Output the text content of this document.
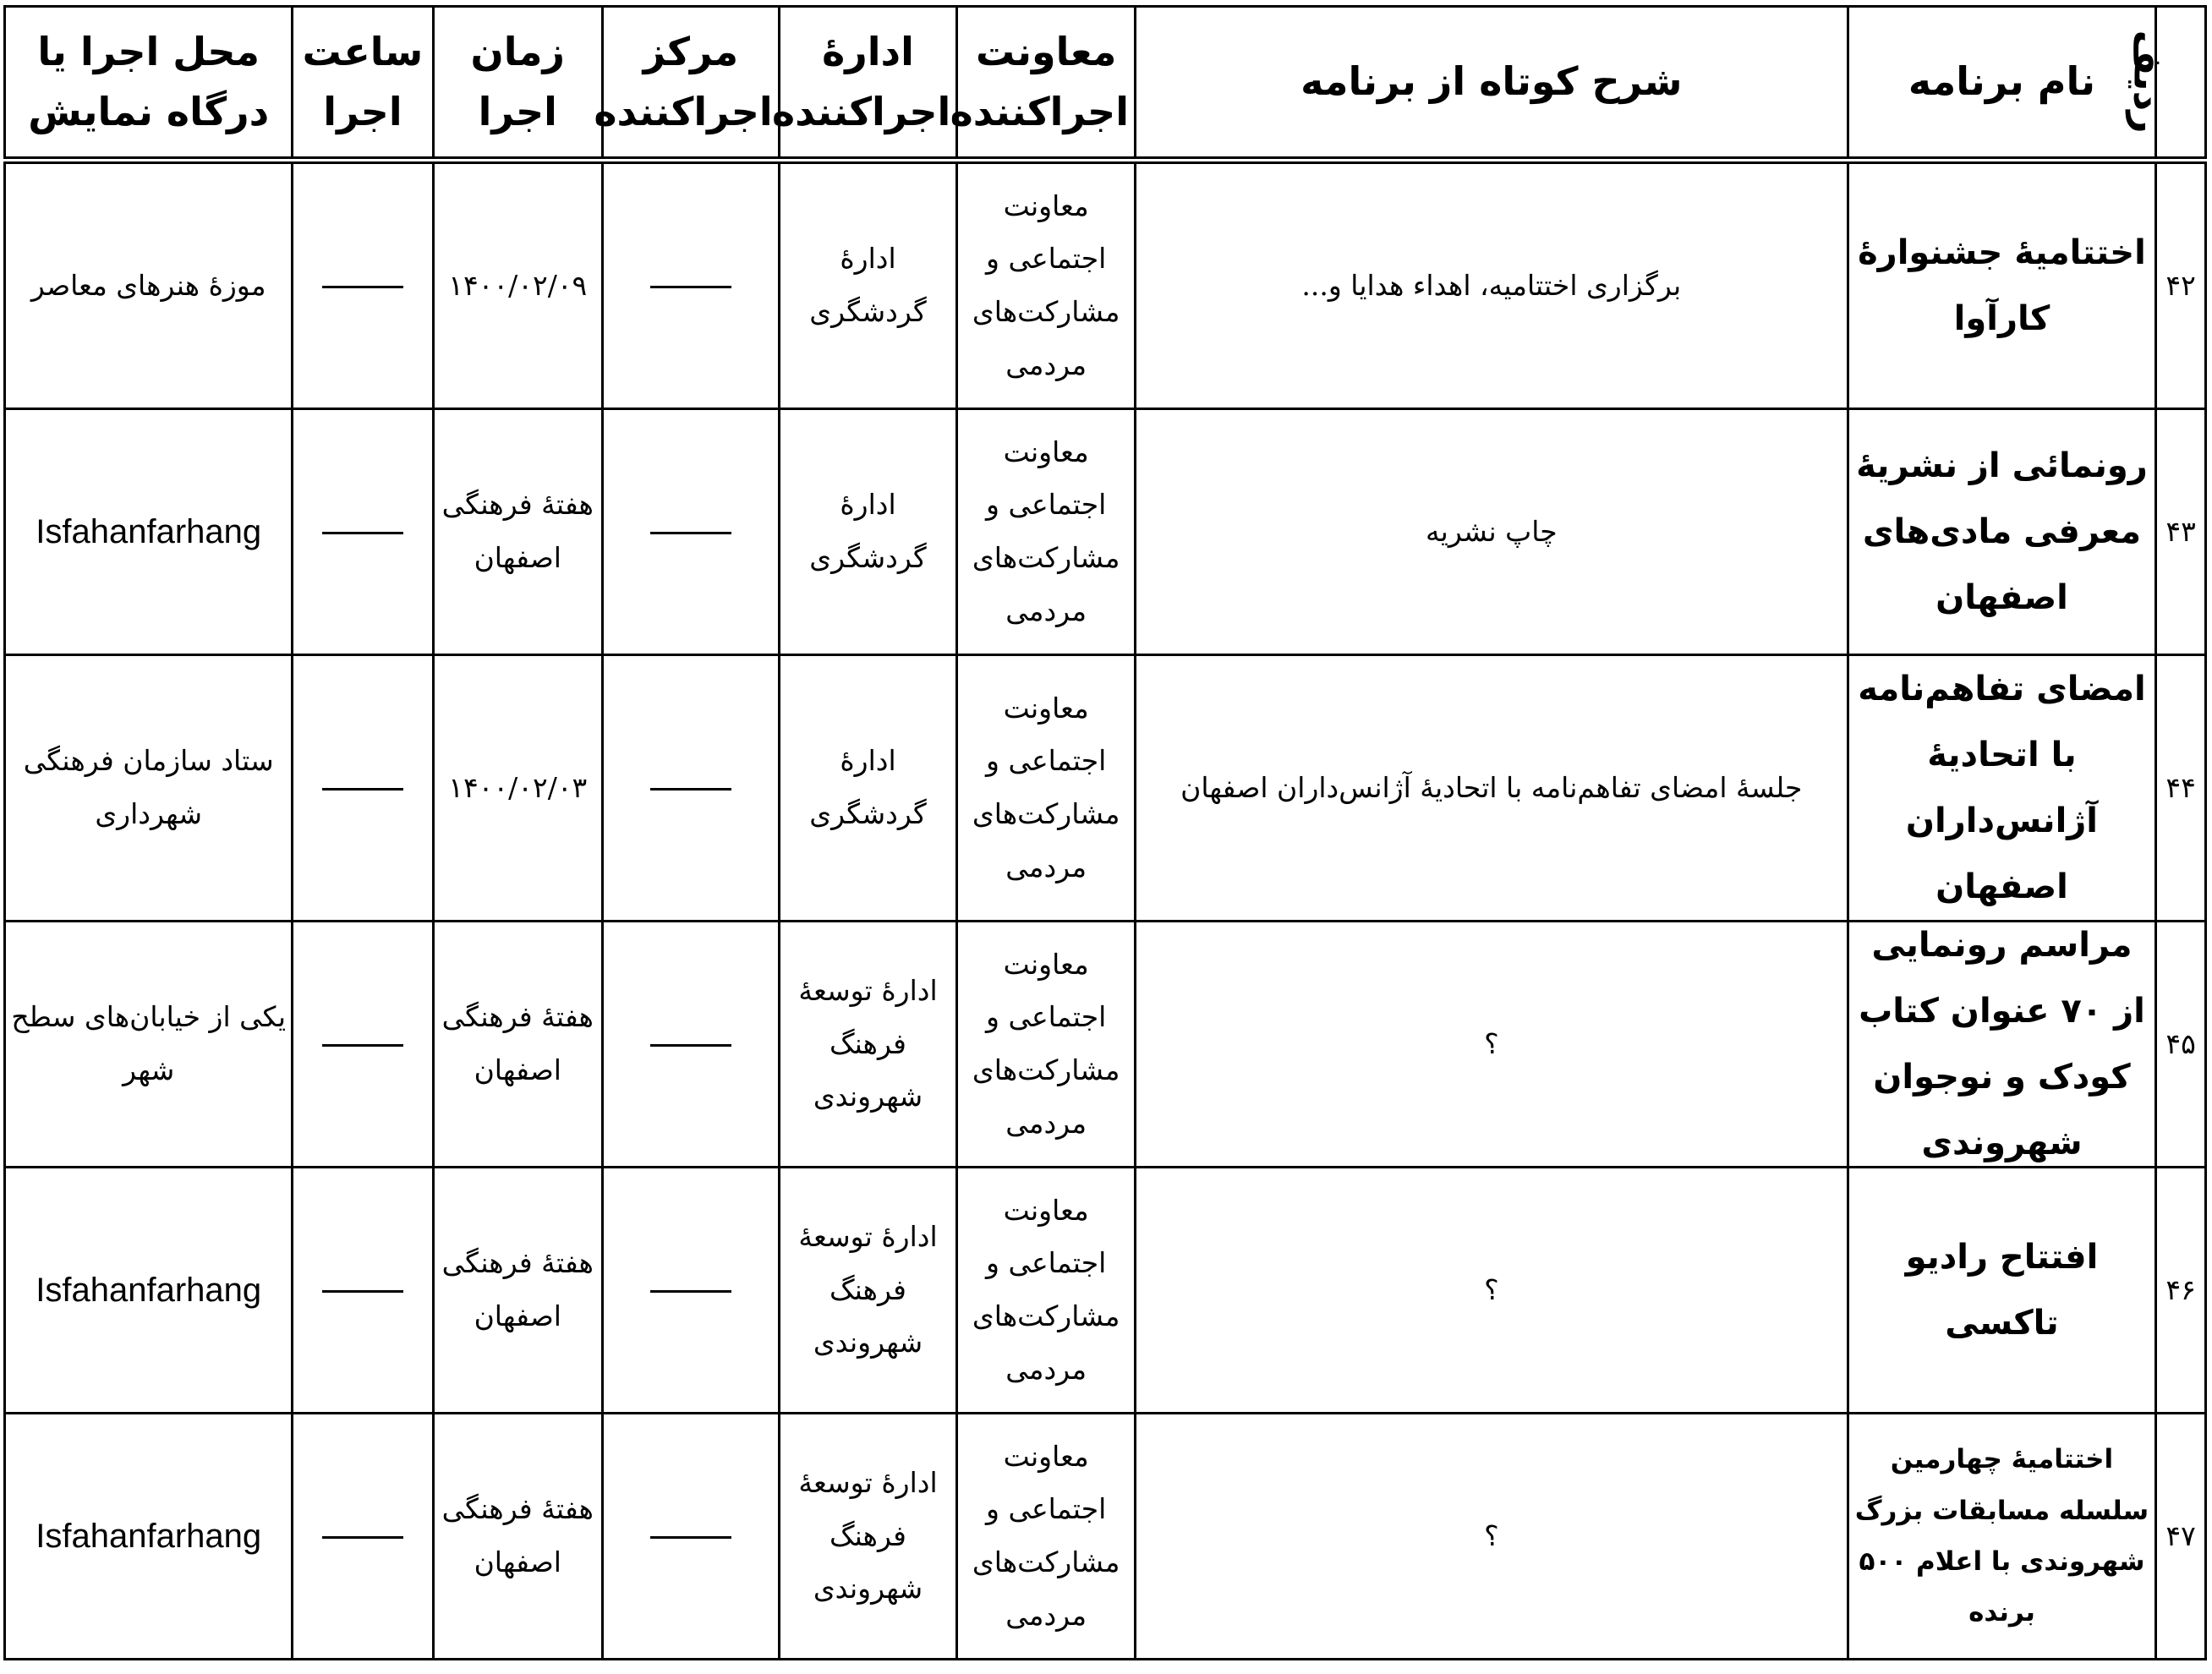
ردیف	نام برنامه	شرح کوتاه از برنامه	معاونت اجراکننده	ادارهٔ اجراکننده	مرکز اجراکننده	زمان اجرا	ساعت اجرا	محل اجرا یا درگاه نمایش
۴۲	اختتامیهٔ جشنوارهٔ کارآوا	برگزاری اختتامیه، اهداء هدایا و...	معاونت اجتماعی و مشارکت‌های مردمی	ادارهٔ گردشگری		۱۴۰۰/۰۲/۰۹		موزهٔ هنرهای معاصر
۴۳	رونمائی از نشریهٔ معرفی مادی‌های اصفهان	چاپ نشریه	معاونت اجتماعی و مشارکت‌های مردمی	ادارهٔ گردشگری		هفتهٔ فرهنگی اصفهان		Isfahanfarhang
۴۴	امضای تفاهم‌نامه با اتحادیهٔ آژانس‌داران اصفهان	جلسهٔ امضای تفاهم‌نامه با اتحادیهٔ آژانس‌داران اصفهان	معاونت اجتماعی و مشارکت‌های مردمی	ادارهٔ گردشگری		۱۴۰۰/۰۲/۰۳		ستاد سازمان فرهنگی شهرداری
۴۵	مراسم رونمایی از ۷۰ عنوان کتاب کودک و نوجوان شهروندی	؟	معاونت اجتماعی و مشارکت‌های مردمی	ادارهٔ توسعهٔ فرهنگ شهروندی		هفتهٔ فرهنگی اصفهان		یکی از خیابان‌های سطح شهر
۴۶	افتتاح رادیو تاکسی	؟	معاونت اجتماعی و مشارکت‌های مردمی	ادارهٔ توسعهٔ فرهنگ شهروندی		هفتهٔ فرهنگی اصفهان		Isfahanfarhang
۴۷	اختتامیهٔ چهارمین سلسله مسابقات بزرگ شهروندی با اعلام ۵۰۰ برنده	؟	معاونت اجتماعی و مشارکت‌های مردمی	ادارهٔ توسعهٔ فرهنگ شهروندی		هفتهٔ فرهنگی اصفهان		Isfahanfarhang
